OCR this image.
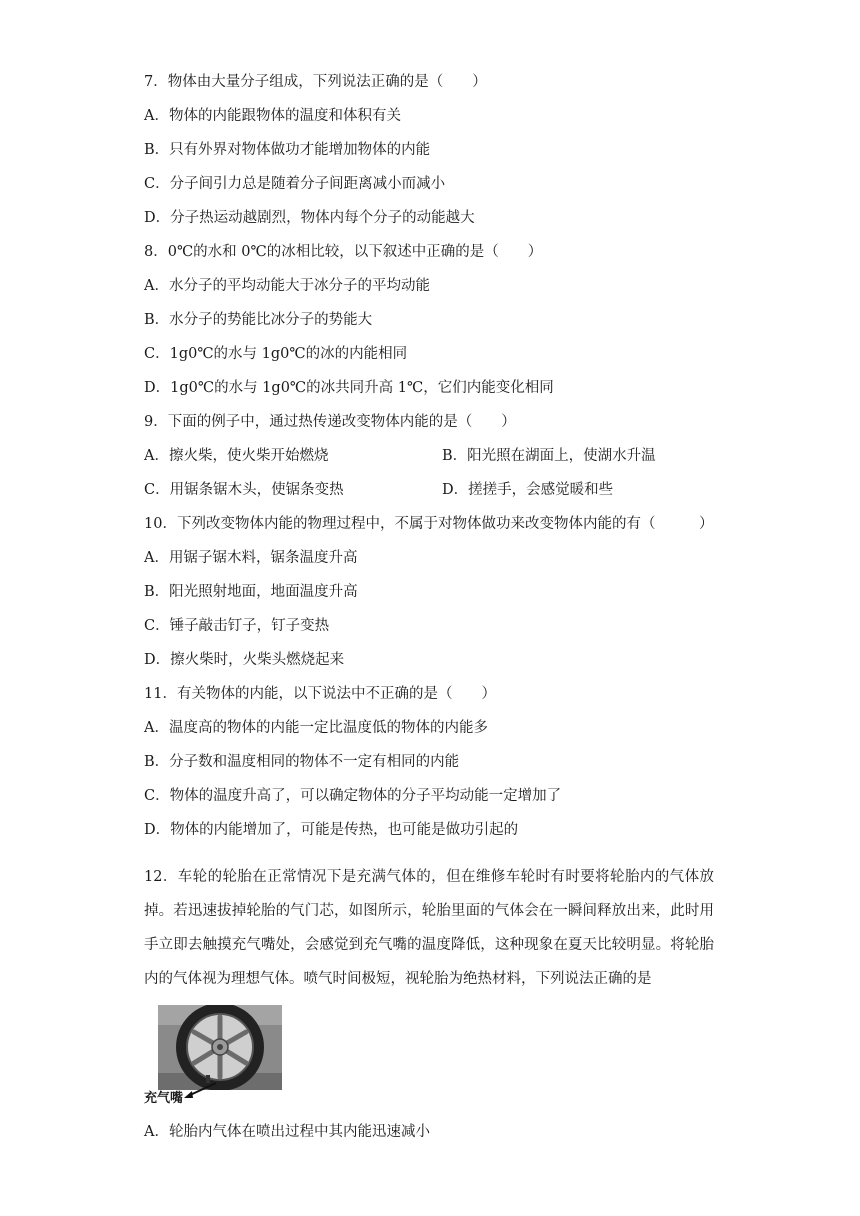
7．物体由大量分子组成，下列说法正确的是（　　）
A．物体的内能跟物体的温度和体积有关
B．只有外界对物体做功才能增加物体的内能
C．分子间引力总是随着分子间距离减小而减小
D．分子热运动越剧烈，物体内每个分子的动能越大
8．0℃的水和 0℃的冰相比较，以下叙述中正确的是（　　）
A．水分子的平均动能大于冰分子的平均动能
B．水分子的势能比冰分子的势能大
C．1g0℃的水与 1g0℃的冰的内能相同
D．1g0℃的水与 1g0℃的冰共同升高 1℃，它们内能变化相同
9．下面的例子中，通过热传递改变物体内能的是（　　）
A．擦火柴，使火柴开始燃烧	B．阳光照在湖面上，使湖水升温
C．用锯条锯木头，使锯条变热	D．搓搓手，会感觉暖和些
10．下列改变物体内能的物理过程中，不属于对物体做功来改变物体内能的有（　　　）
A．用锯子锯木料，锯条温度升高
B．阳光照射地面，地面温度升高
C．锤子敲击钉子，钉子变热
D．擦火柴时，火柴头燃烧起来
11．有关物体的内能，以下说法中不正确的是（　　）
A．温度高的物体的内能一定比温度低的物体的内能多
B．分子数和温度相同的物体不一定有相同的内能
C．物体的温度升高了，可以确定物体的分子平均动能一定增加了
D．物体的内能增加了，可能是传热，也可能是做功引起的
12．车轮的轮胎在正常情况下是充满气体的，但在维修车轮时有时要将轮胎内的气体放掉。若迅速拔掉轮胎的气门芯，如图所示，轮胎里面的气体会在一瞬间释放出来，此时用手立即去触摸充气嘴处，会感觉到充气嘴的温度降低，这种现象在夏天比较明显。将轮胎内的气体视为理想气体。喷气时间极短，视轮胎为绝热材料，下列说法正确的是
充气嘴
A．轮胎内气体在喷出过程中其内能迅速减小
